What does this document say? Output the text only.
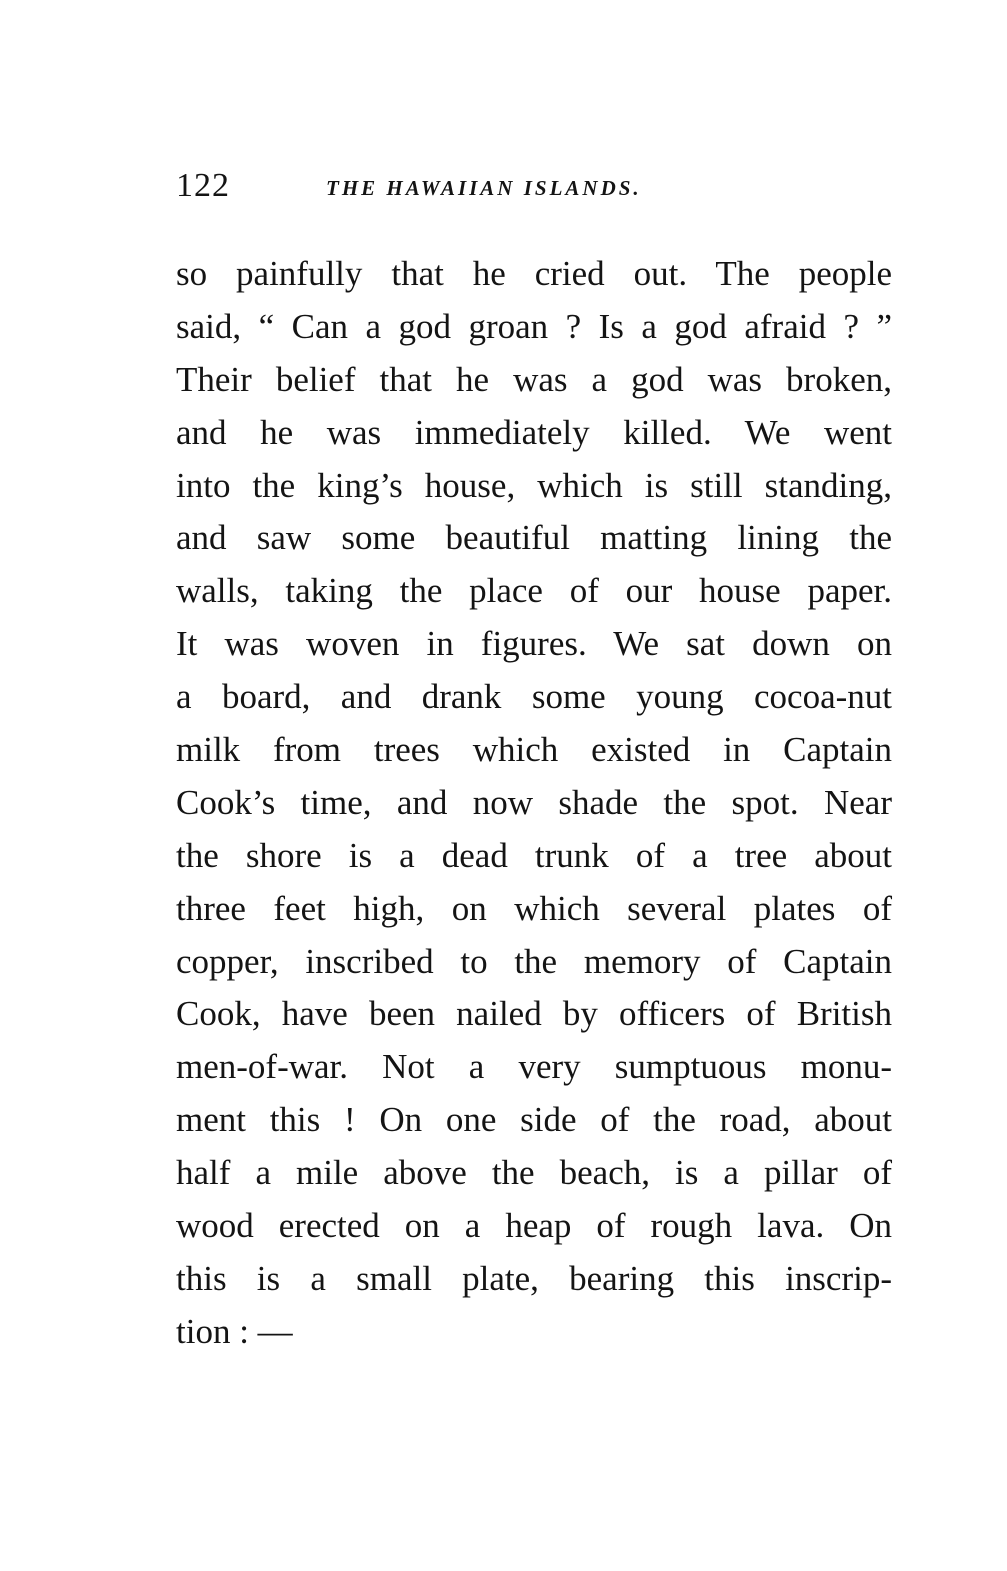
122	THE HAWAIIAN ISLANDS.
so painfully that he cried out. The people
said, “ Can a god groan ? Is a god afraid ? ”
Their belief that he was a god was broken,
and he was immediately killed. We went
into the king’s house, which is still standing,
and saw some beautiful matting lining the
walls, taking the place of our house paper.
It was woven in figures. We sat down on
a board, and drank some young cocoa-nut
milk from trees which existed in Captain
Cook’s time, and now shade the spot. Near
the shore is a dead trunk of a tree about
three feet high, on which several plates of
copper, inscribed to the memory of Captain
Cook, have been nailed by officers of British
men-of-war. Not a very sumptuous monu-
ment this ! On one side of the road, about
half a mile above the beach, is a pillar of
wood erected on a heap of rough lava. On
this is a small plate, bearing this inscrip-
tion : —
